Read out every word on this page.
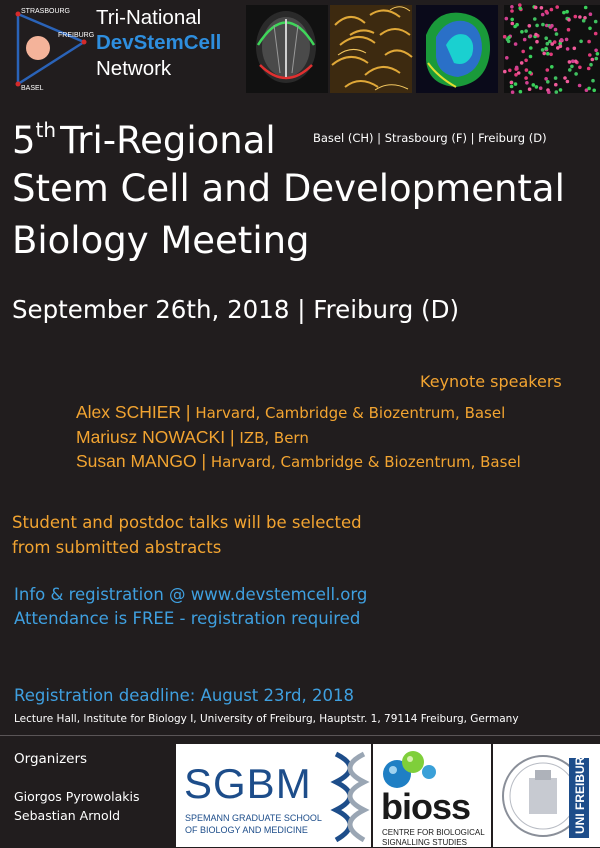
STRASBOURG
FREIBURG
BASEL
Tri-National
DevStemCell
Network
5th Tri-Regional	Basel (CH) | Strasbourg (F) | Freiburg (D)
Stem Cell and Developmental
Biology Meeting
September 26th, 2018 | Freiburg (D)
Keynote speakers
Alex SCHIER | Harvard, Cambridge & Biozentrum, Basel
Mariusz NOWACKI | IZB, Bern
Susan MANGO | Harvard, Cambridge & Biozentrum, Basel
Student and postdoc talks will be selected
from submitted abstracts
Info & registration @ www.devstemcell.org
Attendance is FREE - registration required
Registration deadline: August 23rd, 2018
Lecture Hall, Institute for Biology I, University of Freiburg, Hauptstr. 1, 79114 Freiburg, Germany
Organizers
Giorgos Pyrowolakis
Sebastian Arnold
SGBM
SPEMANN GRADUATE SCHOOL
OF BIOLOGY AND MEDICINE
bioss
CENTRE FOR BIOLOGICAL
SIGNALLING STUDIES
UNI FREIBURG
